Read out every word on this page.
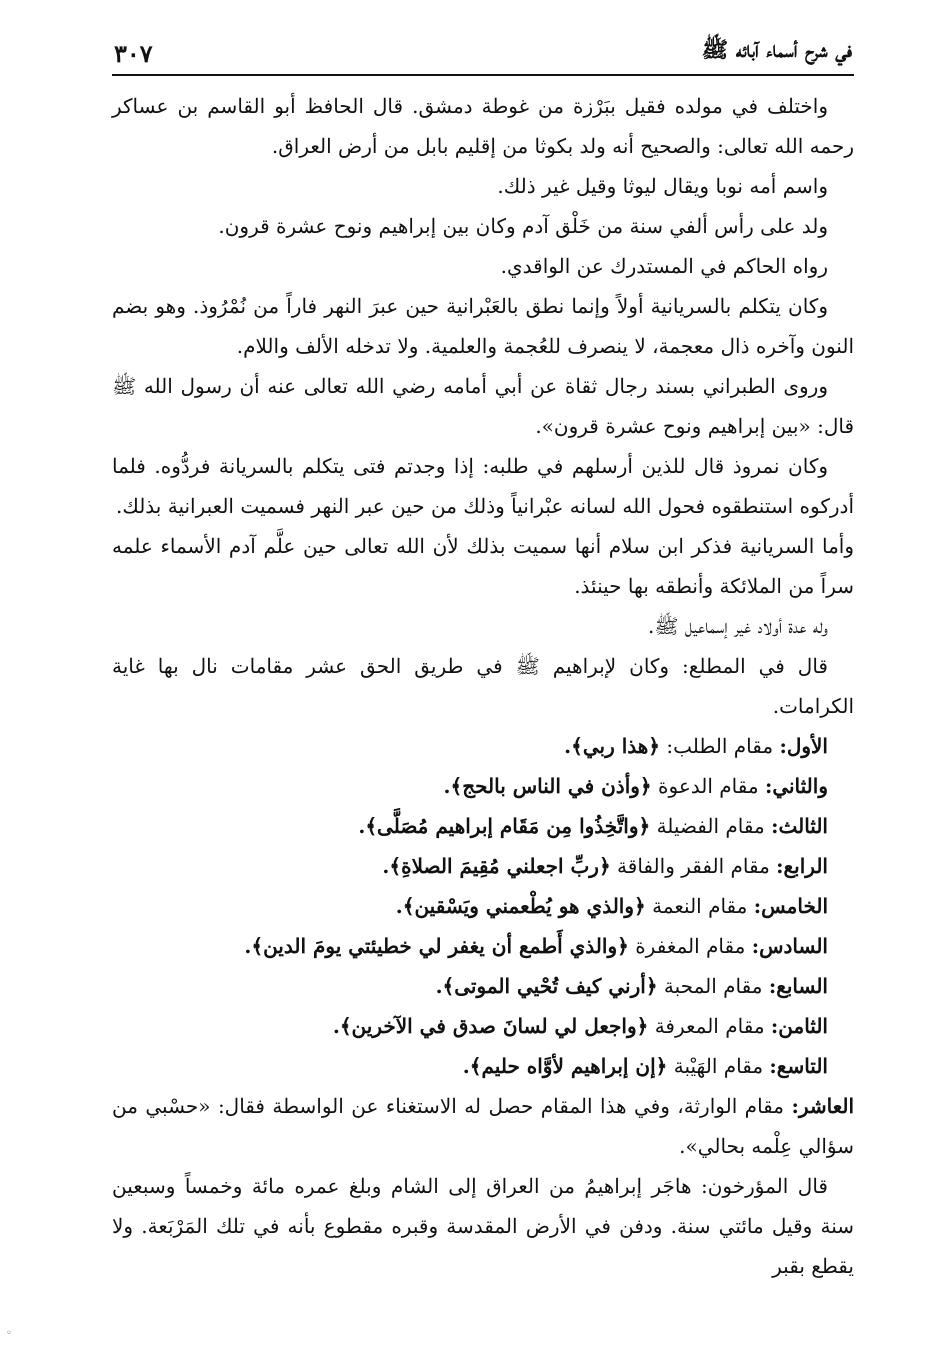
في شرح أسماء آبائه ﷺ
٣٠٧

واختلف في مولده فقيل ببَرْزة من غوطة دمشق. قال الحافظ أبو القاسم بن عساكر رحمه الله تعالى: والصحيح أنه ولد بكوثا من إقليم بابل من أرض العراق.

واسم أمه نوبا ويقال ليوثا وقيل غير ذلك.

ولد على رأس ألفي سنة من خَلْق آدم وكان بين إبراهيم ونوح عشرة قرون.

رواه الحاكم في المستدرك عن الواقدي.

وكان يتكلم بالسريانية أولاً وإنما نطق بالعَبْرانية حين عبرَ النهر فاراً من نُمْرُوذ. وهو بضم النون وآخره ذال معجمة، لا ينصرف للعُجمة والعلمية. ولا تدخله الألف واللام.

وروى الطبراني بسند رجال ثقاة عن أبي أمامه رضي الله تعالى عنه أن رسول الله ﷺ قال: «بين إبراهيم ونوح عشرة قرون».

وكان نمروذ قال للذين أرسلهم في طلبه: إذا وجدتم فتى يتكلم بالسريانة فردُّوه. فلما أدركوه استنطقوه فحول الله لسانه عبْرانياً وذلك من حين عبر النهر فسميت العبرانية بذلك.

وأما السريانية فذكر ابن سلام أنها سميت بذلك لأن الله تعالى حين علَّم آدم الأسماء علمه سراً من الملائكة وأنطقه بها حينئذ.

وله عدة أولاد غير إسماعيل ﷺ.

قال في المطلع: وكان لإبراهيم ﷺ في طريق الحق عشر مقامات نال بها غاية الكرامات.

الأول: مقام الطلب: ﴿هذا ربي﴾.

والثاني: مقام الدعوة ﴿وأذن في الناس بالحج﴾.

الثالث: مقام الفضيلة ﴿واتَّخِذُوا مِن مَقَام إبراهيم مُصَلَّى﴾.

الرابع: مقام الفقر والفاقة ﴿ربِّ اجعلني مُقِيمَ الصلاةِ﴾.

الخامس: مقام النعمة ﴿والذي هو يُطْعمني ويَسْقين﴾.

السادس: مقام المغفرة ﴿والذي أَطمع أن يغفر لي خطيئتي يومَ الدين﴾.

السابع: مقام المحبة ﴿أرني كيف تُحْيي الموتى﴾.

الثامن: مقام المعرفة ﴿واجعل لي لسانَ صدق في الآخرين﴾.

التاسع: مقام الهَيْبة ﴿إن إبراهيم لأوَّاه حليم﴾.

العاشر: مقام الوارثة، وفي هذا المقام حصل له الاستغناء عن الواسطة فقال: «حسْبي من سؤالي عِلْمه بحالي».

قال المؤرخون: هاجَر إبراهيمُ من العراق إلى الشام وبلغ عمره مائة وخمساً وسبعين سنة وقيل مائتي سنة. ودفن في الأرض المقدسة وقبره مقطوع بأنه في تلك المَرْبَعة. ولا يقطع بقبر

◦
